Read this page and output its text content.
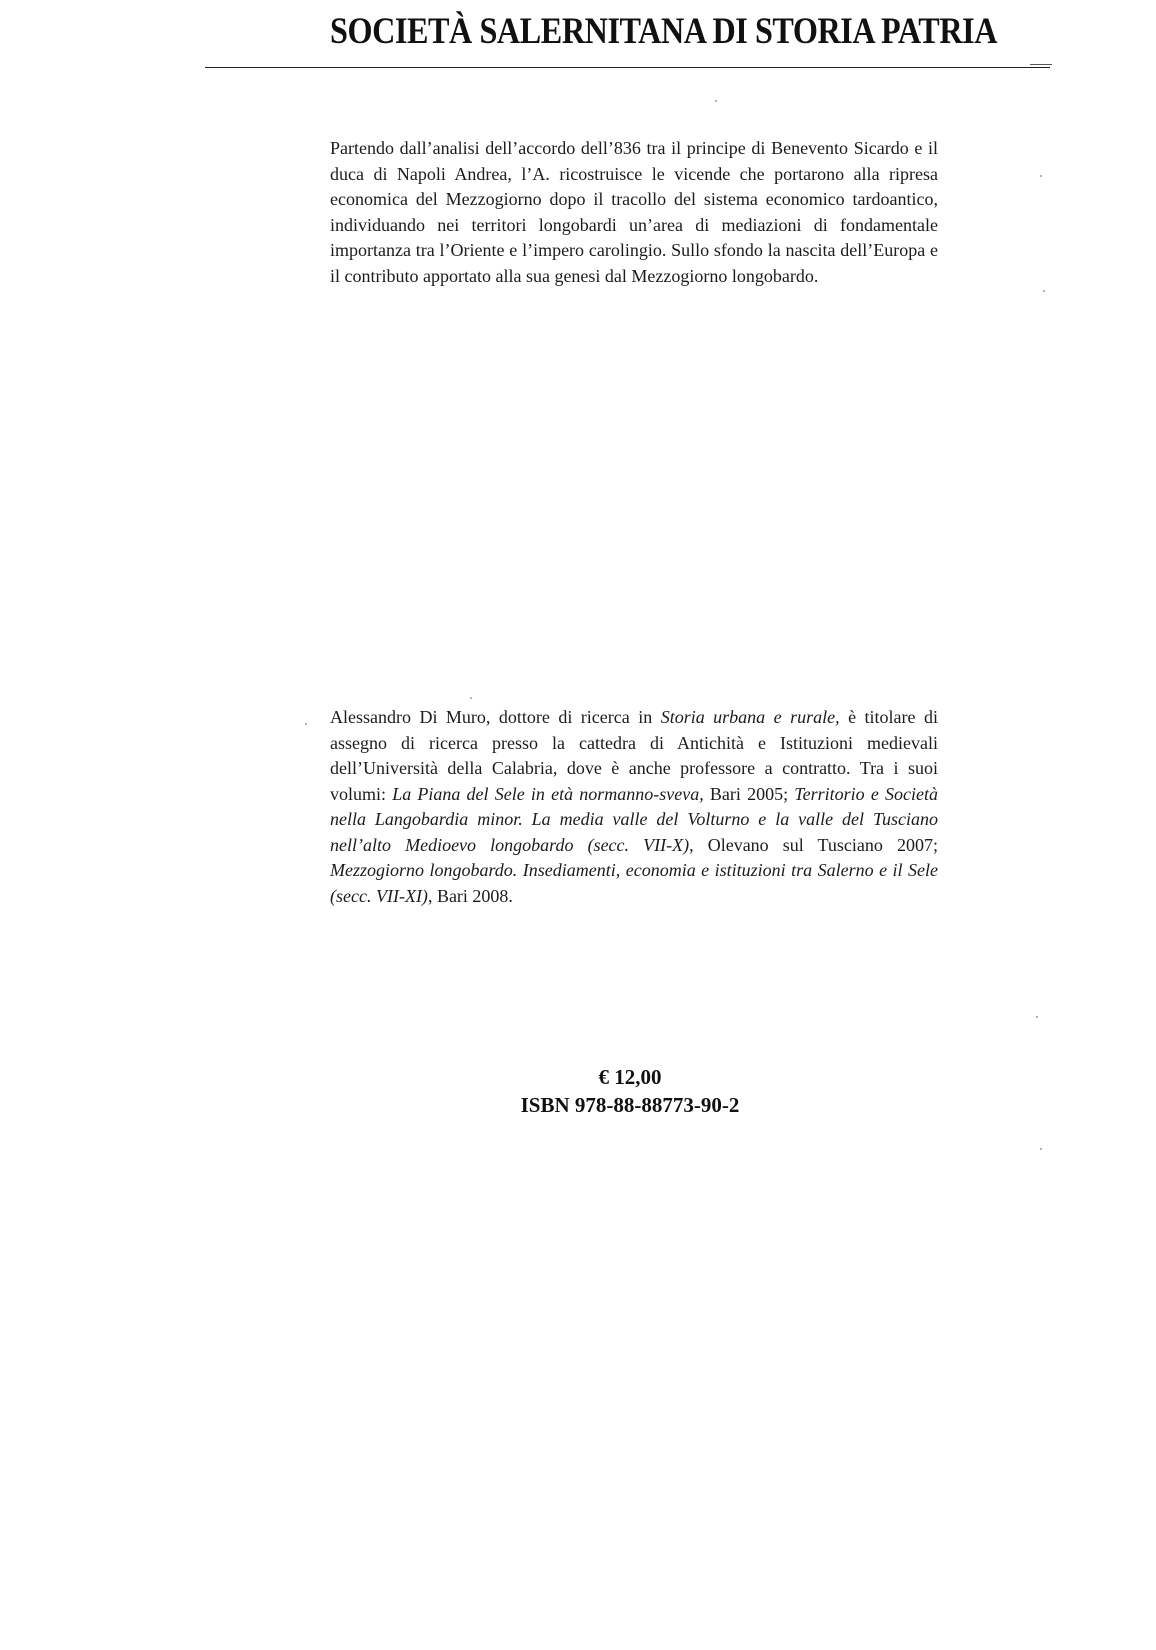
SOCIETÀ SALERNITANA DI STORIA PATRIA

Partendo dall’analisi dell’accordo dell’836 tra il principe di Benevento Sicardo e il duca di Napoli Andrea, l’A. ricostruisce le vicende che portarono alla ripresa economica del Mezzogiorno dopo il tracollo del sistema economico tardoantico, individuando nei territori longobardi un’area di mediazioni di fondamentale importanza tra l’Oriente e l’impero carolingio. Sullo sfondo la nascita dell’Europa e il contributo apportato alla sua genesi dal Mezzogiorno longobardo.

Alessandro Di Muro, dottore di ricerca in Storia urbana e rurale, è titolare di assegno di ricerca presso la cattedra di Antichità e Istituzioni medievali dell’Università della Calabria, dove è anche professore a contratto. Tra i suoi volumi: La Piana del Sele in età normanno-sveva, Bari 2005; Territorio e Società nella Langobardia minor. La media valle del Volturno e la valle del Tusciano nell’alto Medioevo longobardo (secc. VII-X), Olevano sul Tusciano 2007; Mezzogiorno longobardo. Insediamenti, economia e istituzioni tra Salerno e il Sele (secc. VII-XI), Bari 2008.

€ 12,00
ISBN 978-88-88773-90-2
